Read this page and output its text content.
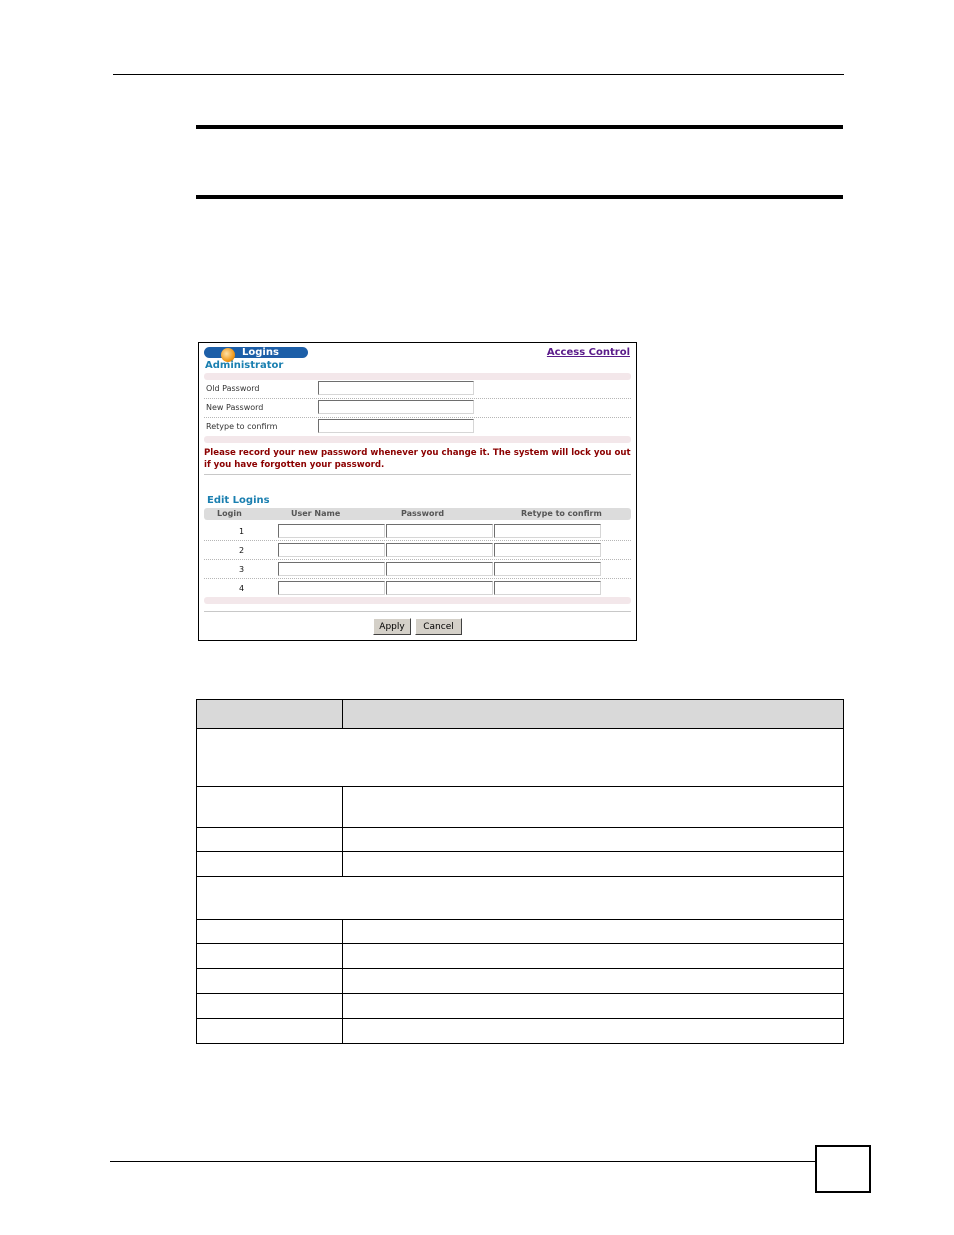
Logins	Access Control
Administrator
Old Password
New Password
Retype to confirm
Please record your new password whenever you change it. The system will lock you out if you have forgotten your password.
Edit Logins
Login	User Name	Password	Retype to confirm
1
2
3
4
Apply	Cancel
